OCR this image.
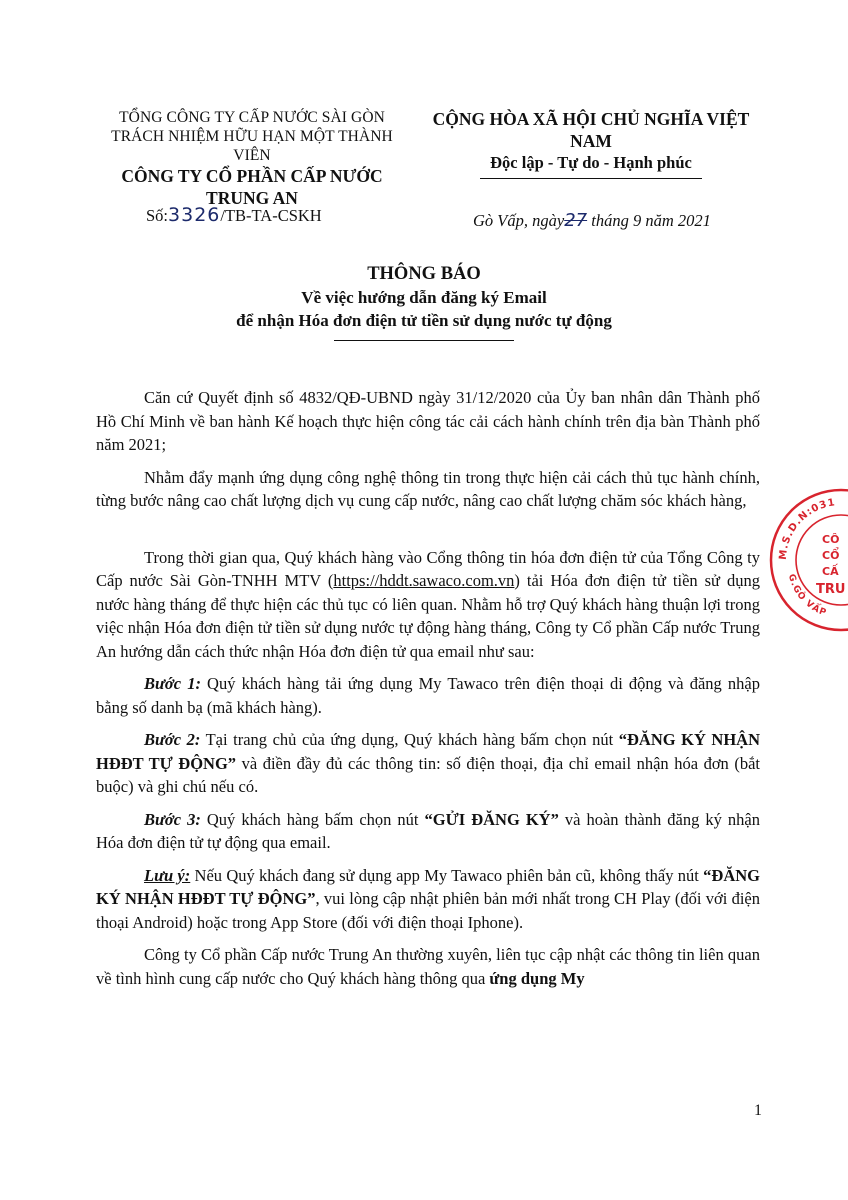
TỔNG CÔNG TY CẤP NƯỚC SÀI GÒN
TRÁCH NHIỆM HỮU HẠN MỘT THÀNH VIÊN
CÔNG TY CỔ PHẦN CẤP NƯỚC
TRUNG AN
CỘNG HÒA XÃ HỘI CHỦ NGHĨA VIỆT NAM
Độc lập - Tự do - Hạnh phúc
Số:3326/TB-TA-CSKH	Gò Vấp, ngày27 tháng 9 năm 2021
THÔNG BÁO
Về việc hướng dẫn đăng ký Email
để nhận Hóa đơn điện tử tiền sử dụng nước tự động

Căn cứ Quyết định số 4832/QĐ-UBND ngày 31/12/2020 của Ủy ban nhân dân Thành phố Hồ Chí Minh về ban hành Kế hoạch thực hiện công tác cải cách hành chính trên địa bàn Thành phố năm 2021;

Nhằm đẩy mạnh ứng dụng công nghệ thông tin trong thực hiện cải cách thủ tục hành chính, từng bước nâng cao chất lượng dịch vụ cung cấp nước, nâng cao chất lượng chăm sóc khách hàng,

Trong thời gian qua, Quý khách hàng vào Cổng thông tin hóa đơn điện tử của Tổng Công ty Cấp nước Sài Gòn-TNHH MTV (https://hddt.sawaco.com.vn) tải Hóa đơn điện tử tiền sử dụng nước hàng tháng để thực hiện các thủ tục có liên quan. Nhằm hỗ trợ Quý khách hàng thuận lợi trong việc nhận Hóa đơn điện tử tiền sử dụng nước tự động hàng tháng, Công ty Cổ phần Cấp nước Trung An hướng dẫn cách thức nhận Hóa đơn điện tử qua email như sau:

Bước 1: Quý khách hàng tải ứng dụng My Tawaco trên điện thoại di động và đăng nhập bằng số danh bạ (mã khách hàng).

Bước 2: Tại trang chủ của ứng dụng, Quý khách hàng bấm chọn nút “ĐĂNG KÝ NHẬN HĐĐT TỰ ĐỘNG” và điền đầy đủ các thông tin: số điện thoại, địa chỉ email nhận hóa đơn (bắt buộc) và ghi chú nếu có.

Bước 3: Quý khách hàng bấm chọn nút “GỬI ĐĂNG KÝ” và hoàn thành đăng ký nhận Hóa đơn điện tử tự động qua email.

Lưu ý: Nếu Quý khách đang sử dụng app My Tawaco phiên bản cũ, không thấy nút “ĐĂNG KÝ NHẬN HĐĐT TỰ ĐỘNG”, vui lòng cập nhật phiên bản mới nhất trong CH Play (đối với điện thoại Android) hoặc trong App Store (đối với điện thoại Iphone).

Công ty Cổ phần Cấp nước Trung An thường xuyên, liên tục cập nhật các thông tin liên quan về tình hình cung cấp nước cho Quý khách hàng thông qua ứng dụng My

1
M.S.D.N:031
G.GÒ VẤP
CÔ
CỔ
CẤ
TRU
